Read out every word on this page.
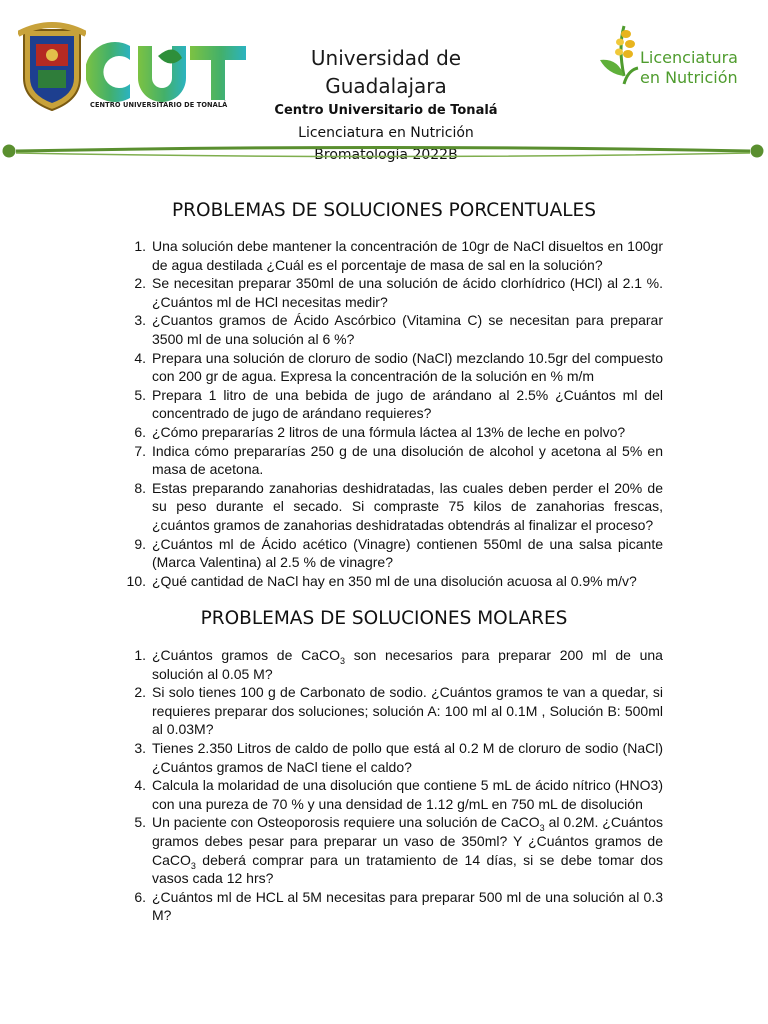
CENTRO UNIVERSITARIO DE TONALÁ
Universidad de Guadalajara
Centro Universitario de Tonalá
Licenciatura en Nutrición
Bromatología 2022B
Licenciatura
en Nutrición
PROBLEMAS DE SOLUCIONES PORCENTUALES
1. Una solución debe mantener la concentración de 10gr de NaCl disueltos en 100gr de agua destilada ¿Cuál es el porcentaje de masa de sal en la solución?
2. Se necesitan preparar 350ml de una solución de ácido clorhídrico (HCl) al 2.1 %. ¿Cuántos ml de HCl necesitas medir?
3. ¿Cuantos gramos de Ácido Ascórbico (Vitamina C) se necesitan para preparar 3500 ml de una solución al 6 %?
4. Prepara una solución de cloruro de sodio (NaCl) mezclando 10.5gr del compuesto con 200 gr de agua. Expresa la concentración de la solución en % m/m
5. Prepara 1 litro de una bebida de jugo de arándano al 2.5% ¿Cuántos ml del concentrado de jugo de arándano requieres?
6. ¿Cómo prepararías 2 litros de una fórmula láctea al 13% de leche en polvo?
7. Indica cómo prepararías 250 g de una disolución de alcohol y acetona al 5% en masa de acetona.
8. Estas preparando zanahorias deshidratadas, las cuales deben perder el 20% de su peso durante el secado. Si compraste 75 kilos de zanahorias frescas, ¿cuántos gramos de zanahorias deshidratadas obtendrás al finalizar el proceso?
9. ¿Cuántos ml de Ácido acético (Vinagre) contienen 550ml de una salsa picante (Marca Valentina) al 2.5 % de vinagre?
10. ¿Qué cantidad de NaCl hay en 350 ml de una disolución acuosa al 0.9% m/v?
PROBLEMAS DE SOLUCIONES MOLARES
1. ¿Cuántos gramos de CaCO$_3$ son necesarios para preparar 200 ml de una solución al 0.05 M?
2. Si solo tienes 100 g de Carbonato de sodio. ¿Cuántos gramos te van a quedar, si requieres preparar dos soluciones; solución A: 100 ml al 0.1M , Solución B: 500ml al 0.03M?
3. Tienes 2.350 Litros de caldo de pollo que está al 0.2 M de cloruro de sodio (NaCl) ¿Cuántos gramos de NaCl tiene el caldo?
4. Calcula la molaridad de una disolución que contiene 5 mL de ácido nítrico (HNO3) con una pureza de 70 % y una densidad de 1.12 g/mL en 750 mL de disolución
5. Un paciente con Osteoporosis requiere una solución de CaCO$_3$ al 0.2M. ¿Cuántos gramos debes pesar para preparar un vaso de 350ml? Y ¿Cuántos gramos de CaCO$_3$ deberá comprar para un tratamiento de 14 días, si se debe tomar dos vasos cada 12 hrs?
6. ¿Cuántos ml de HCL al 5M necesitas para preparar 500 ml de una solución al 0.3 M?
